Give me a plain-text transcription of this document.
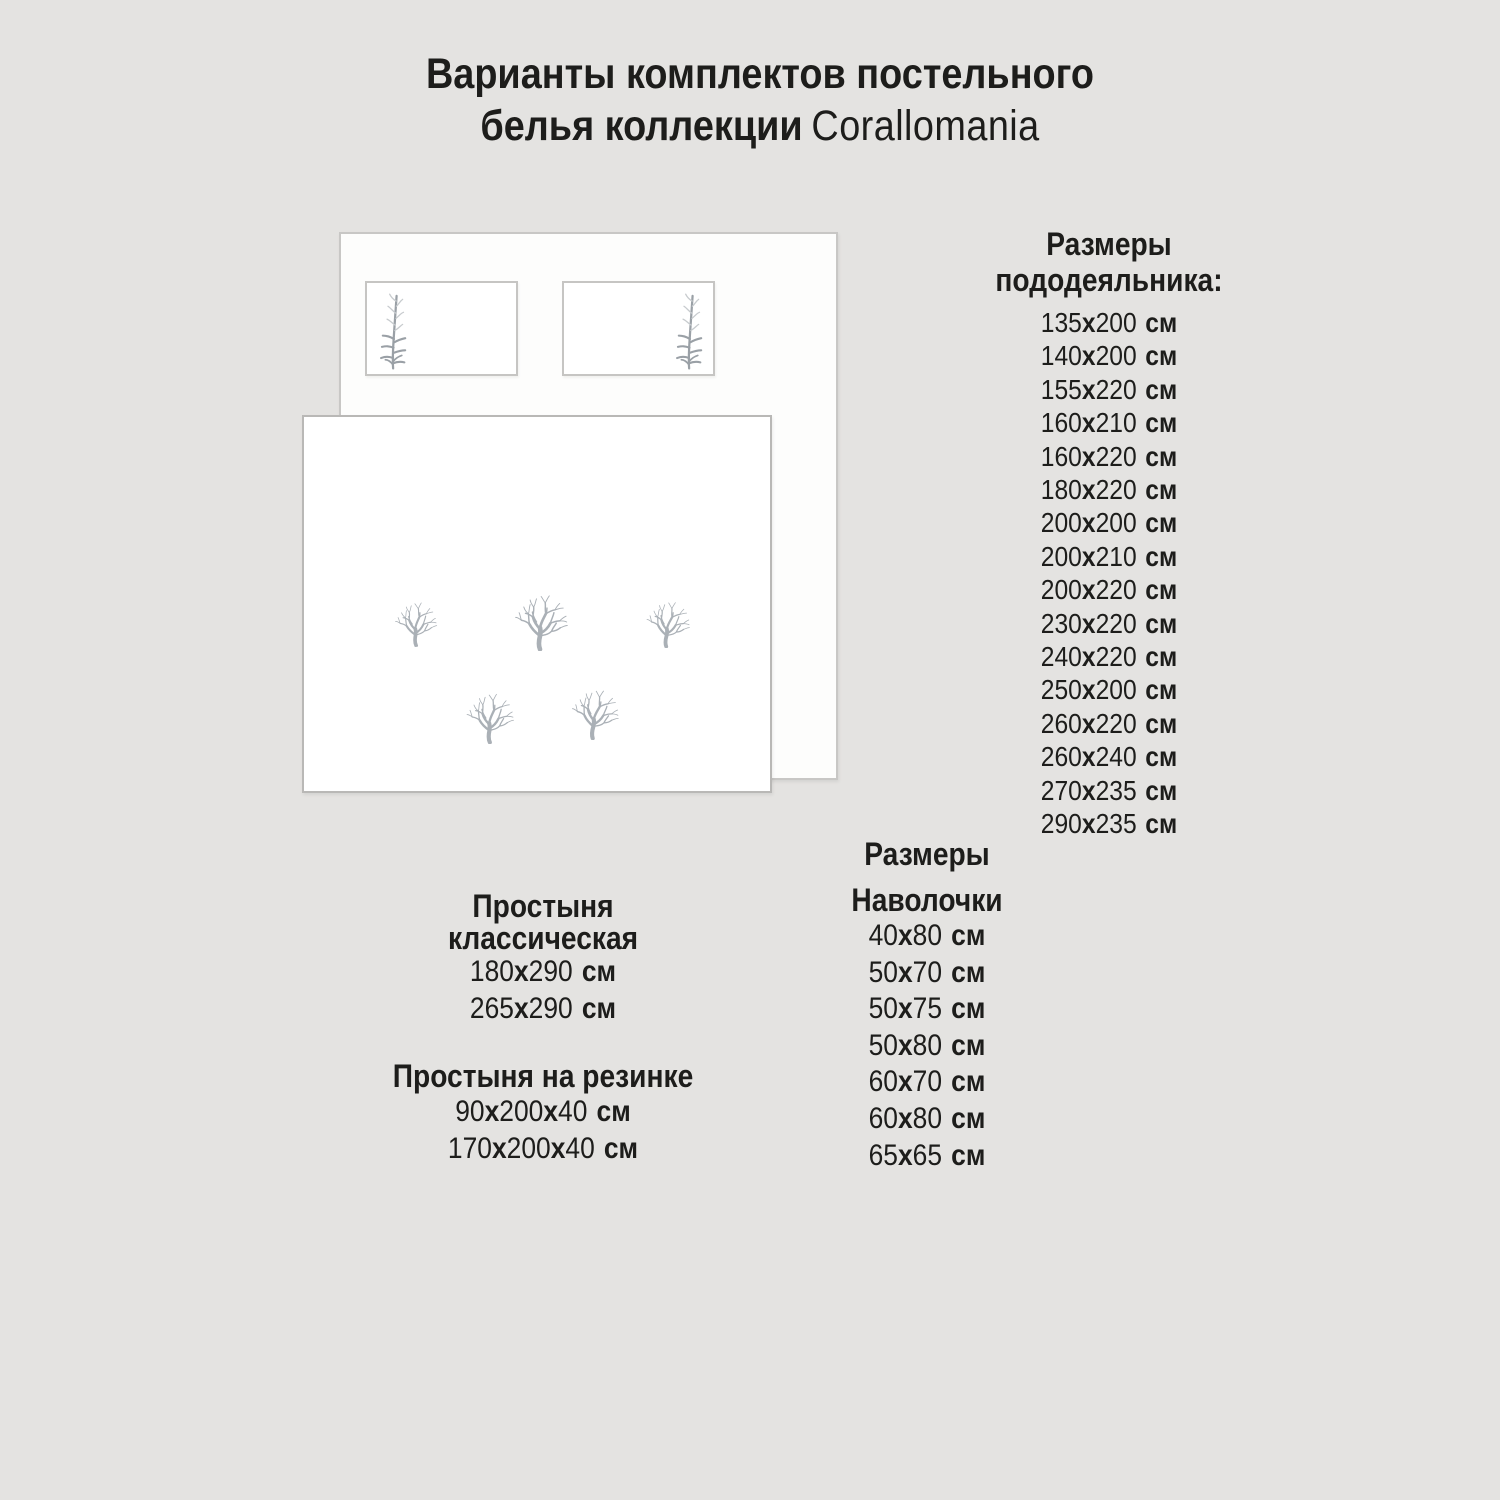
Варианты комплектов постельного
белья коллекции Corallomania
Размеры пододеяльника:
135x200 см
140x200 см
155x220 см
160x210 см
160x220 см
180x220 см
200x200 см
200x210 см
200x220 см
230x220 см
240x220 см
250x200 см
260x220 см
260x240 см
270x235 см
290x235 см
Простыня классическая
180x290 см
265x290 см
Простыня на резинке
90x200x40 см
170x200x40 см
Размеры
Наволочки
40x80 см
50x70 см
50x75 см
50x80 см
60x70 см
60x80 см
65x65 см
